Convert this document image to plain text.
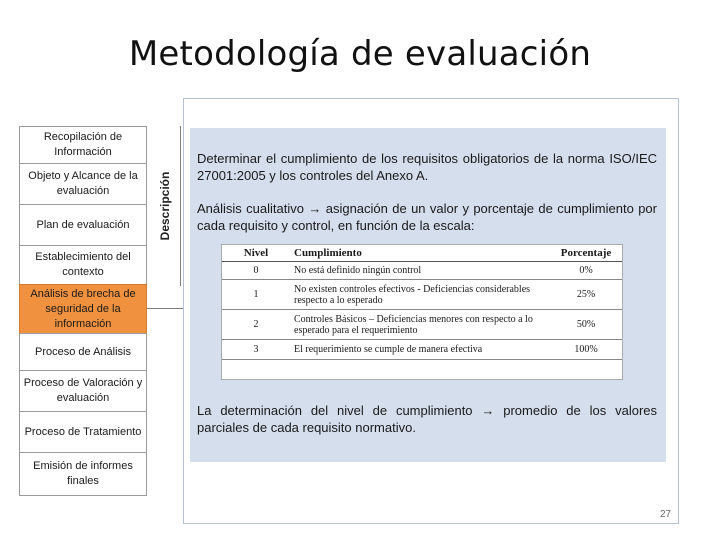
Metodología de evaluación
Recopilación de Información
Objeto y Alcance de la evaluación
Plan de evaluación
Establecimiento del contexto
Análisis de brecha de seguridad de la información
Proceso de Análisis
Proceso de Valoración y evaluación
Proceso de Tratamiento
Emisión de informes finales
Descripción
Determinar el cumplimiento de los requisitos obligatorios de la norma ISO/IEC 27001:2005 y los controles del Anexo A.
Análisis cualitativo → asignación de un valor y porcentaje de cumplimiento por cada requisito y control, en función de la escala:
Nivel	Cumplimiento	Porcentaje
0	No está definido ningún control	0%
1	No existen controles efectivos - Deficiencias considerables respecto a lo esperado	25%
2	Controles Básicos – Deficiencias menores con respecto a lo esperado para el requerimiento	50%
3	El requerimiento se cumple de manera efectiva	100%
La determinación del nivel de cumplimiento → promedio de los valores parciales de cada requisito normativo.
27
